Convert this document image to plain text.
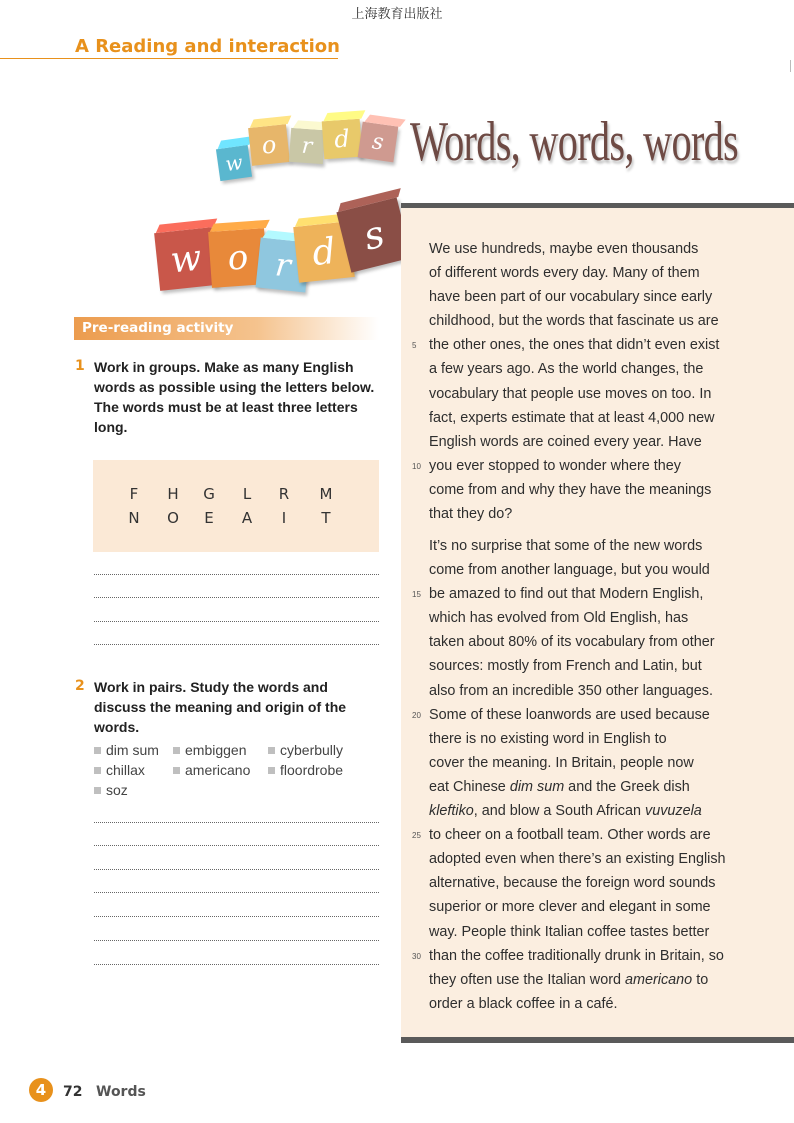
上海教育出版社
A Reading and interaction
w
o	r d s Words, words, words
w o r d s	We use hundreds, maybe even thousands
of different words every day. Many of them
have been part of our vocabulary since early
childhood, but the words that fascinate us are
5 the other ones, the ones that didn’t even exist
a few years ago. As the world changes, the
vocabulary that people use moves on too. In
fact, experts estimate that at least 4,000 new
English words are coined every year. Have
10 you ever stopped to wonder where they
come from and why they have the meanings
that they do?
It’s no surprise that some of the new words
come from another language, but you would
15 be amazed to find out that Modern English,
which has evolved from Old English, has
taken about 80% of its vocabulary from other
sources: mostly from French and Latin, but
also from an incredible 350 other languages.
20 Some of these loanwords are used because
there is no existing word in English to
cover the meaning. In Britain, people now
eat Chinese dim sum and the Greek dish
kleftiko, and blow a South African vuvuzela
25 to cheer on a football team. Other words are
adopted even when there’s an existing English
alternative, because the foreign word sounds
superior or more clever and elegant in some
way. People think Italian coffee tastes better
30 than the coffee traditionally drunk in Britain, so
they often use the Italian word americano to
order a black coffee in a café.
Pre-reading activity
1 Work in groups. Make as many English
words as possible using the letters below.
The words must be at least three letters
long.
F	H G	L	R	M
N O	E	A	I	T
2 Work in pairs. Study the words and
discuss the meaning and origin of the
words.
dim sum	embiggen	cyberbully
chillax	americano	floordrobe
soz
4	72 Words
